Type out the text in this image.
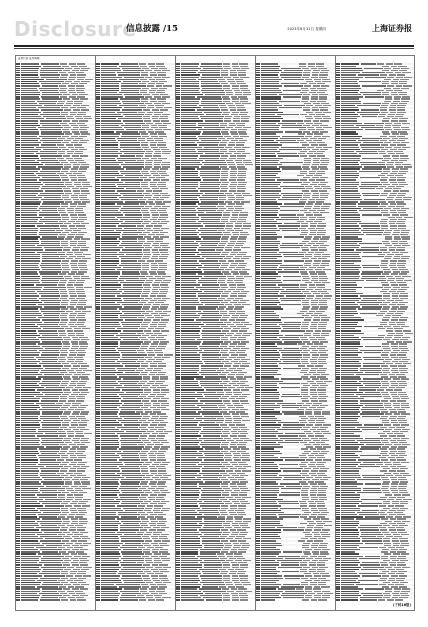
Disclosure
信息披露 /15	2023年8月31日 星期四	上海证券报
证券代码 证券简称
(下转16版)
